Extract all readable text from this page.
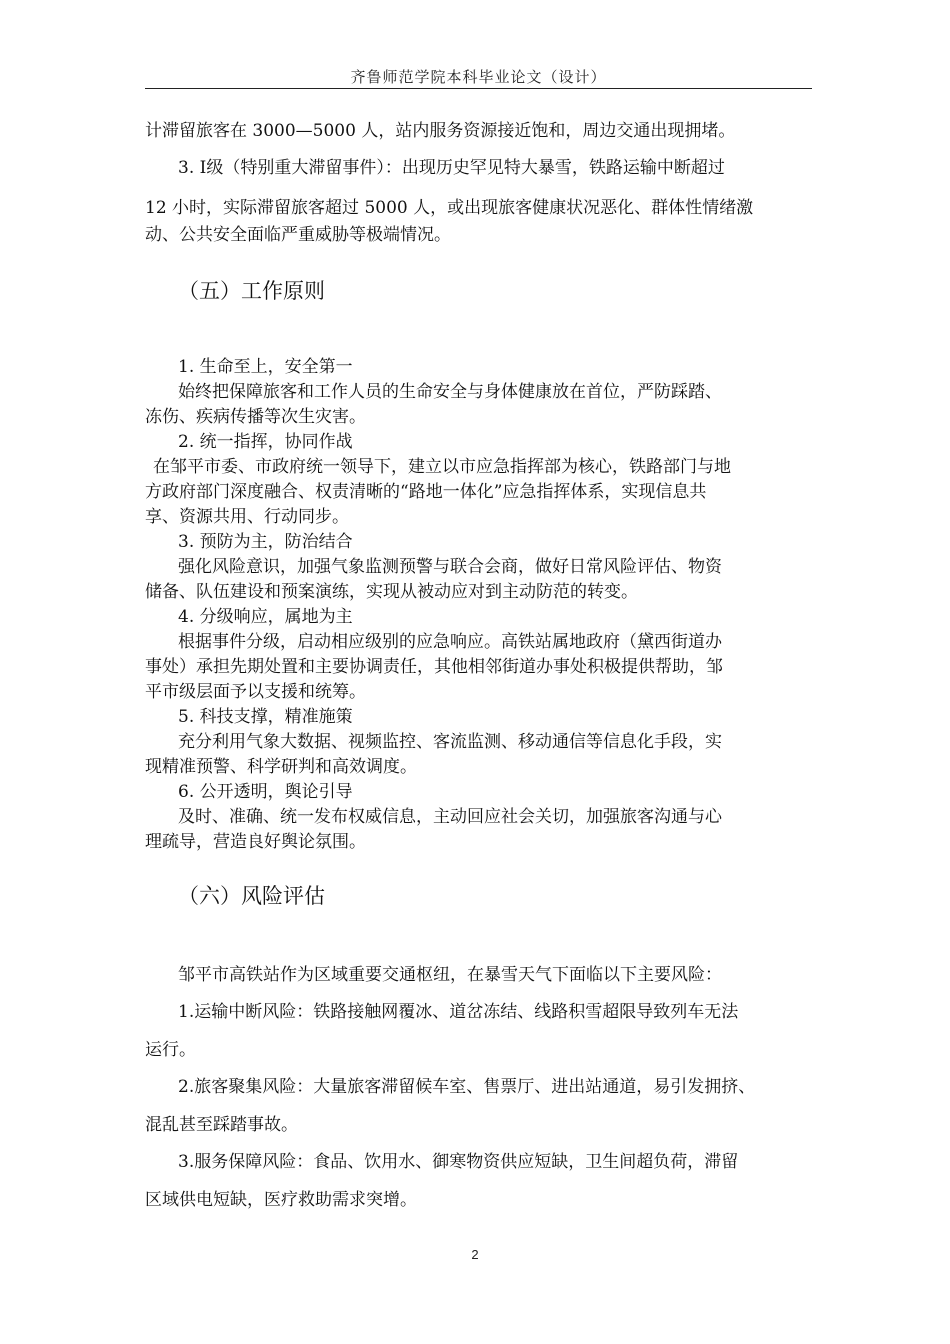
齐鲁师范学院本科毕业论文（设计）
计滞留旅客在 3000—5000 人，站内服务资源接近饱和，周边交通出现拥堵。
3. Ⅰ级（特别重大滞留事件）：出现历史罕见特大暴雪，铁路运输中断超过
12 小时，实际滞留旅客超过 5000 人，或出现旅客健康状况恶化、群体性情绪激
动、公共安全面临严重威胁等极端情况。
（五）工作原则
1. 生命至上，安全第一
始终把保障旅客和工作人员的生命安全与身体健康放在首位，严防踩踏、
冻伤、疾病传播等次生灾害。
2. 统一指挥，协同作战
在邹平市委、市政府统一领导下，建立以市应急指挥部为核心，铁路部门与地
方政府部门深度融合、权责清晰的“路地一体化”应急指挥体系，实现信息共
享、资源共用、行动同步。
3. 预防为主，防治结合
强化风险意识，加强气象监测预警与联合会商，做好日常风险评估、物资
储备、队伍建设和预案演练，实现从被动应对到主动防范的转变。
4. 分级响应，属地为主
根据事件分级，启动相应级别的应急响应。高铁站属地政府（黛西街道办
事处）承担先期处置和主要协调责任，其他相邻街道办事处积极提供帮助，邹
平市级层面予以支援和统筹。
5. 科技支撑，精准施策
充分利用气象大数据、视频监控、客流监测、移动通信等信息化手段，实
现精准预警、科学研判和高效调度。
6. 公开透明，舆论引导
及时、准确、统一发布权威信息，主动回应社会关切，加强旅客沟通与心
理疏导，营造良好舆论氛围。
（六）风险评估
邹平市高铁站作为区域重要交通枢纽，在暴雪天气下面临以下主要风险：
1.运输中断风险：铁路接触网覆冰、道岔冻结、线路积雪超限导致列车无法
运行。
2.旅客聚集风险：大量旅客滞留候车室、售票厅、进出站通道，易引发拥挤、
混乱甚至踩踏事故。
3.服务保障风险：食品、饮用水、御寒物资供应短缺，卫生间超负荷，滞留
区域供电短缺，医疗救助需求突增。
2
